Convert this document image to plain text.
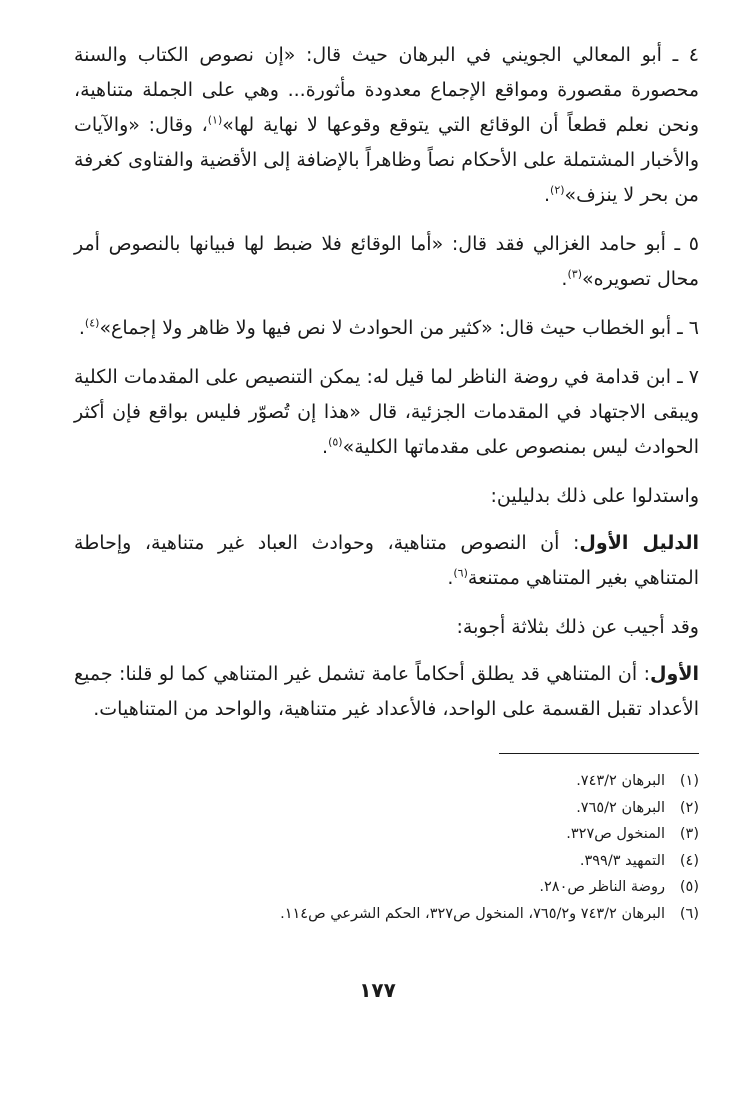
٤ ـ أبو المعالي الجويني في البرهان حيث قال: «إن نصوص الكتاب والسنة محصورة مقصورة ومواقع الإجماع معدودة مأثورة... وهي على الجملة متناهية، ونحن نعلم قطعاً أن الوقائع التي يتوقع وقوعها لا نهاية لها»$^{(١)}$، وقال: «والآيات والأخبار المشتملة على الأحكام نصاً وظاهراً بالإضافة إلى الأقضية والفتاوى كغرفة من بحر لا ينزف»$^{(٢)}$.

٥ ـ أبو حامد الغزالي فقد قال: «أما الوقائع فلا ضبط لها فبيانها بالنصوص أمر محال تصويره»$^{(٣)}$.

٦ ـ أبو الخطاب حيث قال: «كثير من الحوادث لا نص فيها ولا ظاهر ولا إجماع»$^{(٤)}$.

٧ ـ ابن قدامة في روضة الناظر لما قيل له: يمكن التنصيص على المقدمات الكلية ويبقى الاجتهاد في المقدمات الجزئية، قال «هذا إن تُصوّر فليس بواقع فإن أكثر الحوادث ليس بمنصوص على مقدماتها الكلية»$^{(٥)}$.

واستدلوا على ذلك بدليلين:

الدليل الأول: أن النصوص متناهية، وحوادث العباد غير متناهية، وإحاطة المتناهي بغير المتناهي ممتنعة$^{(٦)}$.

وقد أجيب عن ذلك بثلاثة أجوبة:

الأول: أن المتناهي قد يطلق أحكاماً عامة تشمل غير المتناهي كما لو قلنا: جميع الأعداد تقبل القسمة على الواحد، فالأعداد غير متناهية، والواحد من المتناهيات.

(١)البرهان ٧٤٣/٢.
(٢)البرهان ٧٦٥/٢.
(٣)المنخول ص٣٢٧.
(٤)التمهيد ٣٩٩/٣.
(٥)روضة الناظر ص٢٨٠.
(٦)البرهان ٧٤٣/٢ و٧٦٥/٢، المنخول ص٣٢٧، الحكم الشرعي ص١١٤.
١٧٧
